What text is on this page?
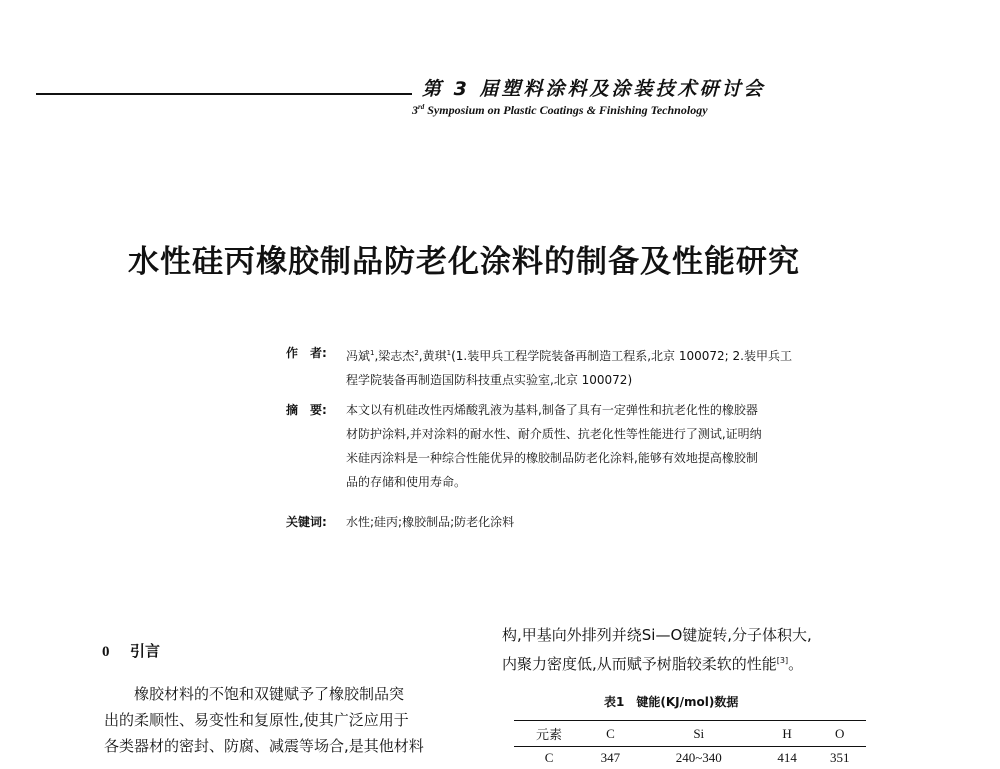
第 3 届塑料涂料及涂装技术研讨会
3rd Symposium on Plastic Coatings & Finishing Technology
水性硅丙橡胶制品防老化涂料的制备及性能研究
作　者: 冯斌$^1$,梁志杰$^2$,黄琪$^1$(1.装甲兵工程学院装备再制造工程系,北京 100072; 2.装甲兵工
程学院装备再制造国防科技重点实验室,北京 100072)
摘　要: 本文以有机硅改性丙烯酸乳液为基料,制备了具有一定弹性和抗老化性的橡胶器
材防护涂料,并对涂料的耐水性、耐介质性、抗老化性等性能进行了测试,证明纳
米硅丙涂料是一种综合性能优异的橡胶制品防老化涂料,能够有效地提高橡胶制
品的存储和使用寿命。
关键词: 水性;硅丙;橡胶制品;防老化涂料
0 引言
橡胶材料的不饱和双键赋予了橡胶制品突
出的柔顺性、易变性和复原性,使其广泛应用于
各类器材的密封、防腐、减震等场合,是其他材料
构,甲基向外排列并绕Si—O键旋转,分子体积大,
内聚力密度低,从而赋予树脂较柔软的性能[3]。
表1　键能(KJ/mol)数据
元素	C	Si	H	O
C	347	240~340	414	351
